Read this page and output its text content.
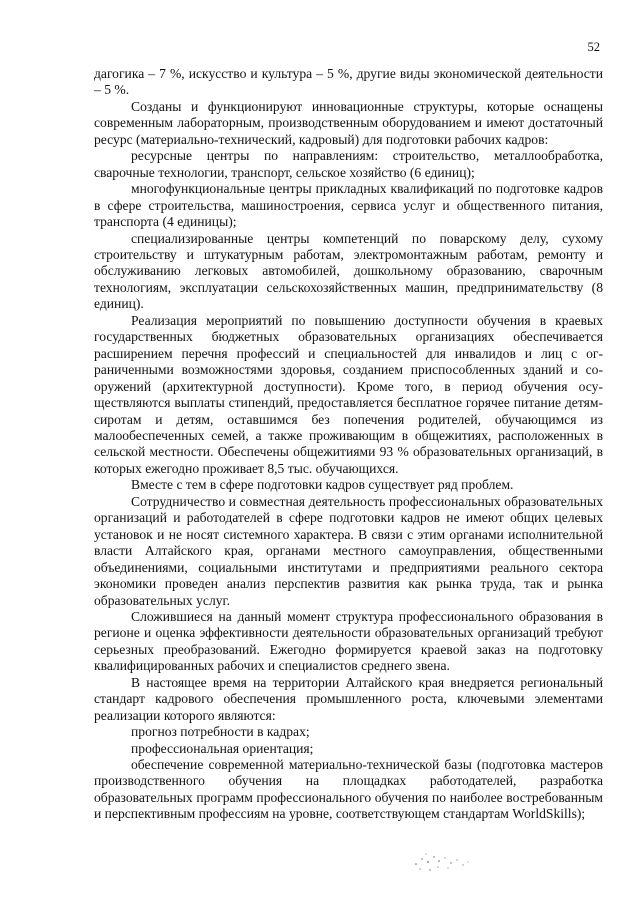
52

дагогика – 7 %, искусство и культура – 5 %, другие виды экономической деятельности – 5 %.

Созданы и функционируют инновационные структуры, которые оснащены современным лабораторным, производственным оборудованием и имеют достаточный ресурс (материально-технический, кадровый) для подготовки рабочих кадров:

ресурсные центры по направлениям: строительство, металлообработка, сварочные технологии, транспорт, сельское хозяйство (6 единиц);

многофункциональные центры прикладных квалификаций по подготовке кадров в сфере строительства, машиностроения, сервиса услуг и общественного питания, транспорта (4 единицы);

специализированные центры компетенций по поварскому делу, сухому строительству и штукатурным работам, электромонтажным работам, ремонту и обслуживанию легковых автомобилей, дошкольному образованию, сварочным технологиям, эксплуатации сельскохозяйственных машин, предпринимательству (8 единиц).

Реализация мероприятий по повышению доступности обучения в краевых государственных бюджетных образовательных организациях обеспечивается расширением перечня профессий и специальностей для инвалидов и лиц с ограниченными возможностями здоровья, созданием приспособленных зданий и сооружений (архитектурной доступности). Кроме того, в период обучения осуществляются выплаты стипендий, предоставляется бесплатное горячее питание детям-сиротам и детям, оставшимся без попечения родителей, обучающимся из малообеспеченных семей, а также проживающим в общежитиях, расположенных в сельской местности. Обеспечены общежитиями 93 % образовательных организаций, в которых ежегодно проживает 8,5 тыс. обучающихся.

Вместе с тем в сфере подготовки кадров существует ряд проблем.

Сотрудничество и совместная деятельность профессиональных образовательных организаций и работодателей в сфере подготовки кадров не имеют общих целевых установок и не носят системного характера. В связи с этим органами исполнительной власти Алтайского края, органами местного самоуправления, общественными объединениями, социальными институтами и предприятиями реального сектора экономики проведен анализ перспектив развития как рынка труда, так и рынка образовательных услуг.

Сложившиеся на данный момент структура профессионального образования в регионе и оценка эффективности деятельности образовательных организаций требуют серьезных преобразований. Ежегодно формируется краевой заказ на подготовку квалифицированных рабочих и специалистов среднего звена.

В настоящее время на территории Алтайского края внедряется региональный стандарт кадрового обеспечения промышленного роста, ключевыми элементами реализации которого являются:

прогноз потребности в кадрах;

профессиональная ориентация;

обеспечение современной материально-технической базы (подготовка мастеров производственного обучения на площадках работодателей, разработка образовательных программ профессионального обучения по наиболее востребованным и перспективным профессиям на уровне, соответствующем стандартам WorldSkills);
